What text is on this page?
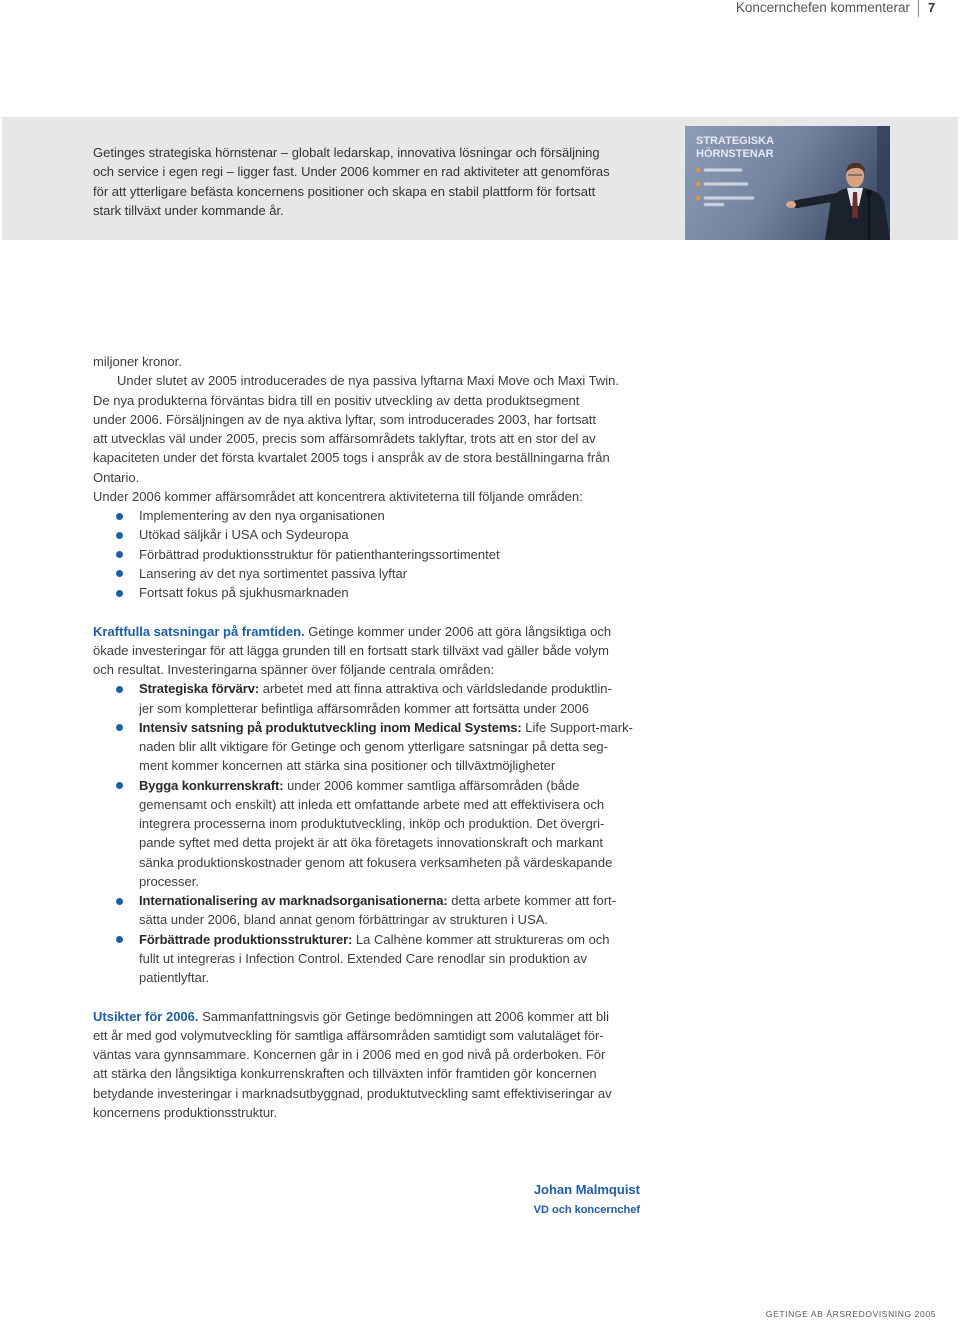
Koncernchefen kommenterar 7
Getinges strategiska hörnstenar – globalt ledarskap, innovativa lösningar och försäljning
och service i egen regi – ligger fast. Under 2006 kommer en rad aktiviteter att genomföras
för att ytterligare befästa koncernens positioner och skapa en stabil plattform för fortsatt
stark tillväxt under kommande år.
STRATEGISKA
HÖRNSTENAR
miljoner kronor.
Under slutet av 2005 introducerades de nya passiva lyftarna Maxi Move och Maxi Twin.
De nya produkterna förväntas bidra till en positiv utveckling av detta produktsegment
under 2006. Försäljningen av de nya aktiva lyftar, som introducerades 2003, har fortsatt
att utvecklas väl under 2005, precis som affärsområdets taklyftar, trots att en stor del av
kapaciteten under det första kvartalet 2005 togs i anspråk av de stora beställningarna från
Ontario.
Under 2006 kommer affärsområdet att koncentrera aktiviteterna till följande områden:
Implementering av den nya organisationen
Utökad säljkår i USA och Sydeuropa
Förbättrad produktionsstruktur för patienthanteringssortimentet
Lansering av det nya sortimentet passiva lyftar
Fortsatt fokus på sjukhusmarknaden
Kraftfulla satsningar på framtiden. Getinge kommer under 2006 att göra långsiktiga och
ökade investeringar för att lägga grunden till en fortsatt stark tillväxt vad gäller både volym
och resultat. Investeringarna spänner över följande centrala områden:
Strategiska förvärv: arbetet med att finna attraktiva och världsledande produktlin-
jer som kompletterar befintliga affärsområden kommer att fortsätta under 2006
Intensiv satsning på produktutveckling inom Medical Systems: Life Support-mark-
naden blir allt viktigare för Getinge och genom ytterligare satsningar på detta seg-
ment kommer koncernen att stärka sina positioner och tillväxtmöjligheter
Bygga konkurrenskraft: under 2006 kommer samtliga affärsområden (både
gemensamt och enskilt) att inleda ett omfattande arbete med att effektivisera och
integrera processerna inom produktutveckling, inköp och produktion. Det övergri-
pande syftet med detta projekt är att öka företagets innovationskraft och markant
sänka produktionskostnader genom att fokusera verksamheten på värdeskapande
processer.
Internationalisering av marknadsorganisationerna: detta arbete kommer att fort-
sätta under 2006, bland annat genom förbättringar av strukturen i USA.
Förbättrade produktionsstrukturer: La Calhène kommer att struktureras om och
fullt ut integreras i Infection Control. Extended Care renodlar sin produktion av
patientlyftar.
Utsikter för 2006. Sammanfattningsvis gör Getinge bedömningen att 2006 kommer att bli
ett år med god volymutveckling för samtliga affärsområden samtidigt som valutaläget för-
väntas vara gynnsammare. Koncernen går in i 2006 med en god nivå på orderboken. För
att stärka den långsiktiga konkurrenskraften och tillväxten inför framtiden gör koncernen
betydande investeringar i marknadsutbyggnad, produktutveckling samt effektiviseringar av
koncernens produktionsstruktur.
Johan Malmquist
VD och koncernchef
GETINGE AB ÅRSREDOVISNING 2005
